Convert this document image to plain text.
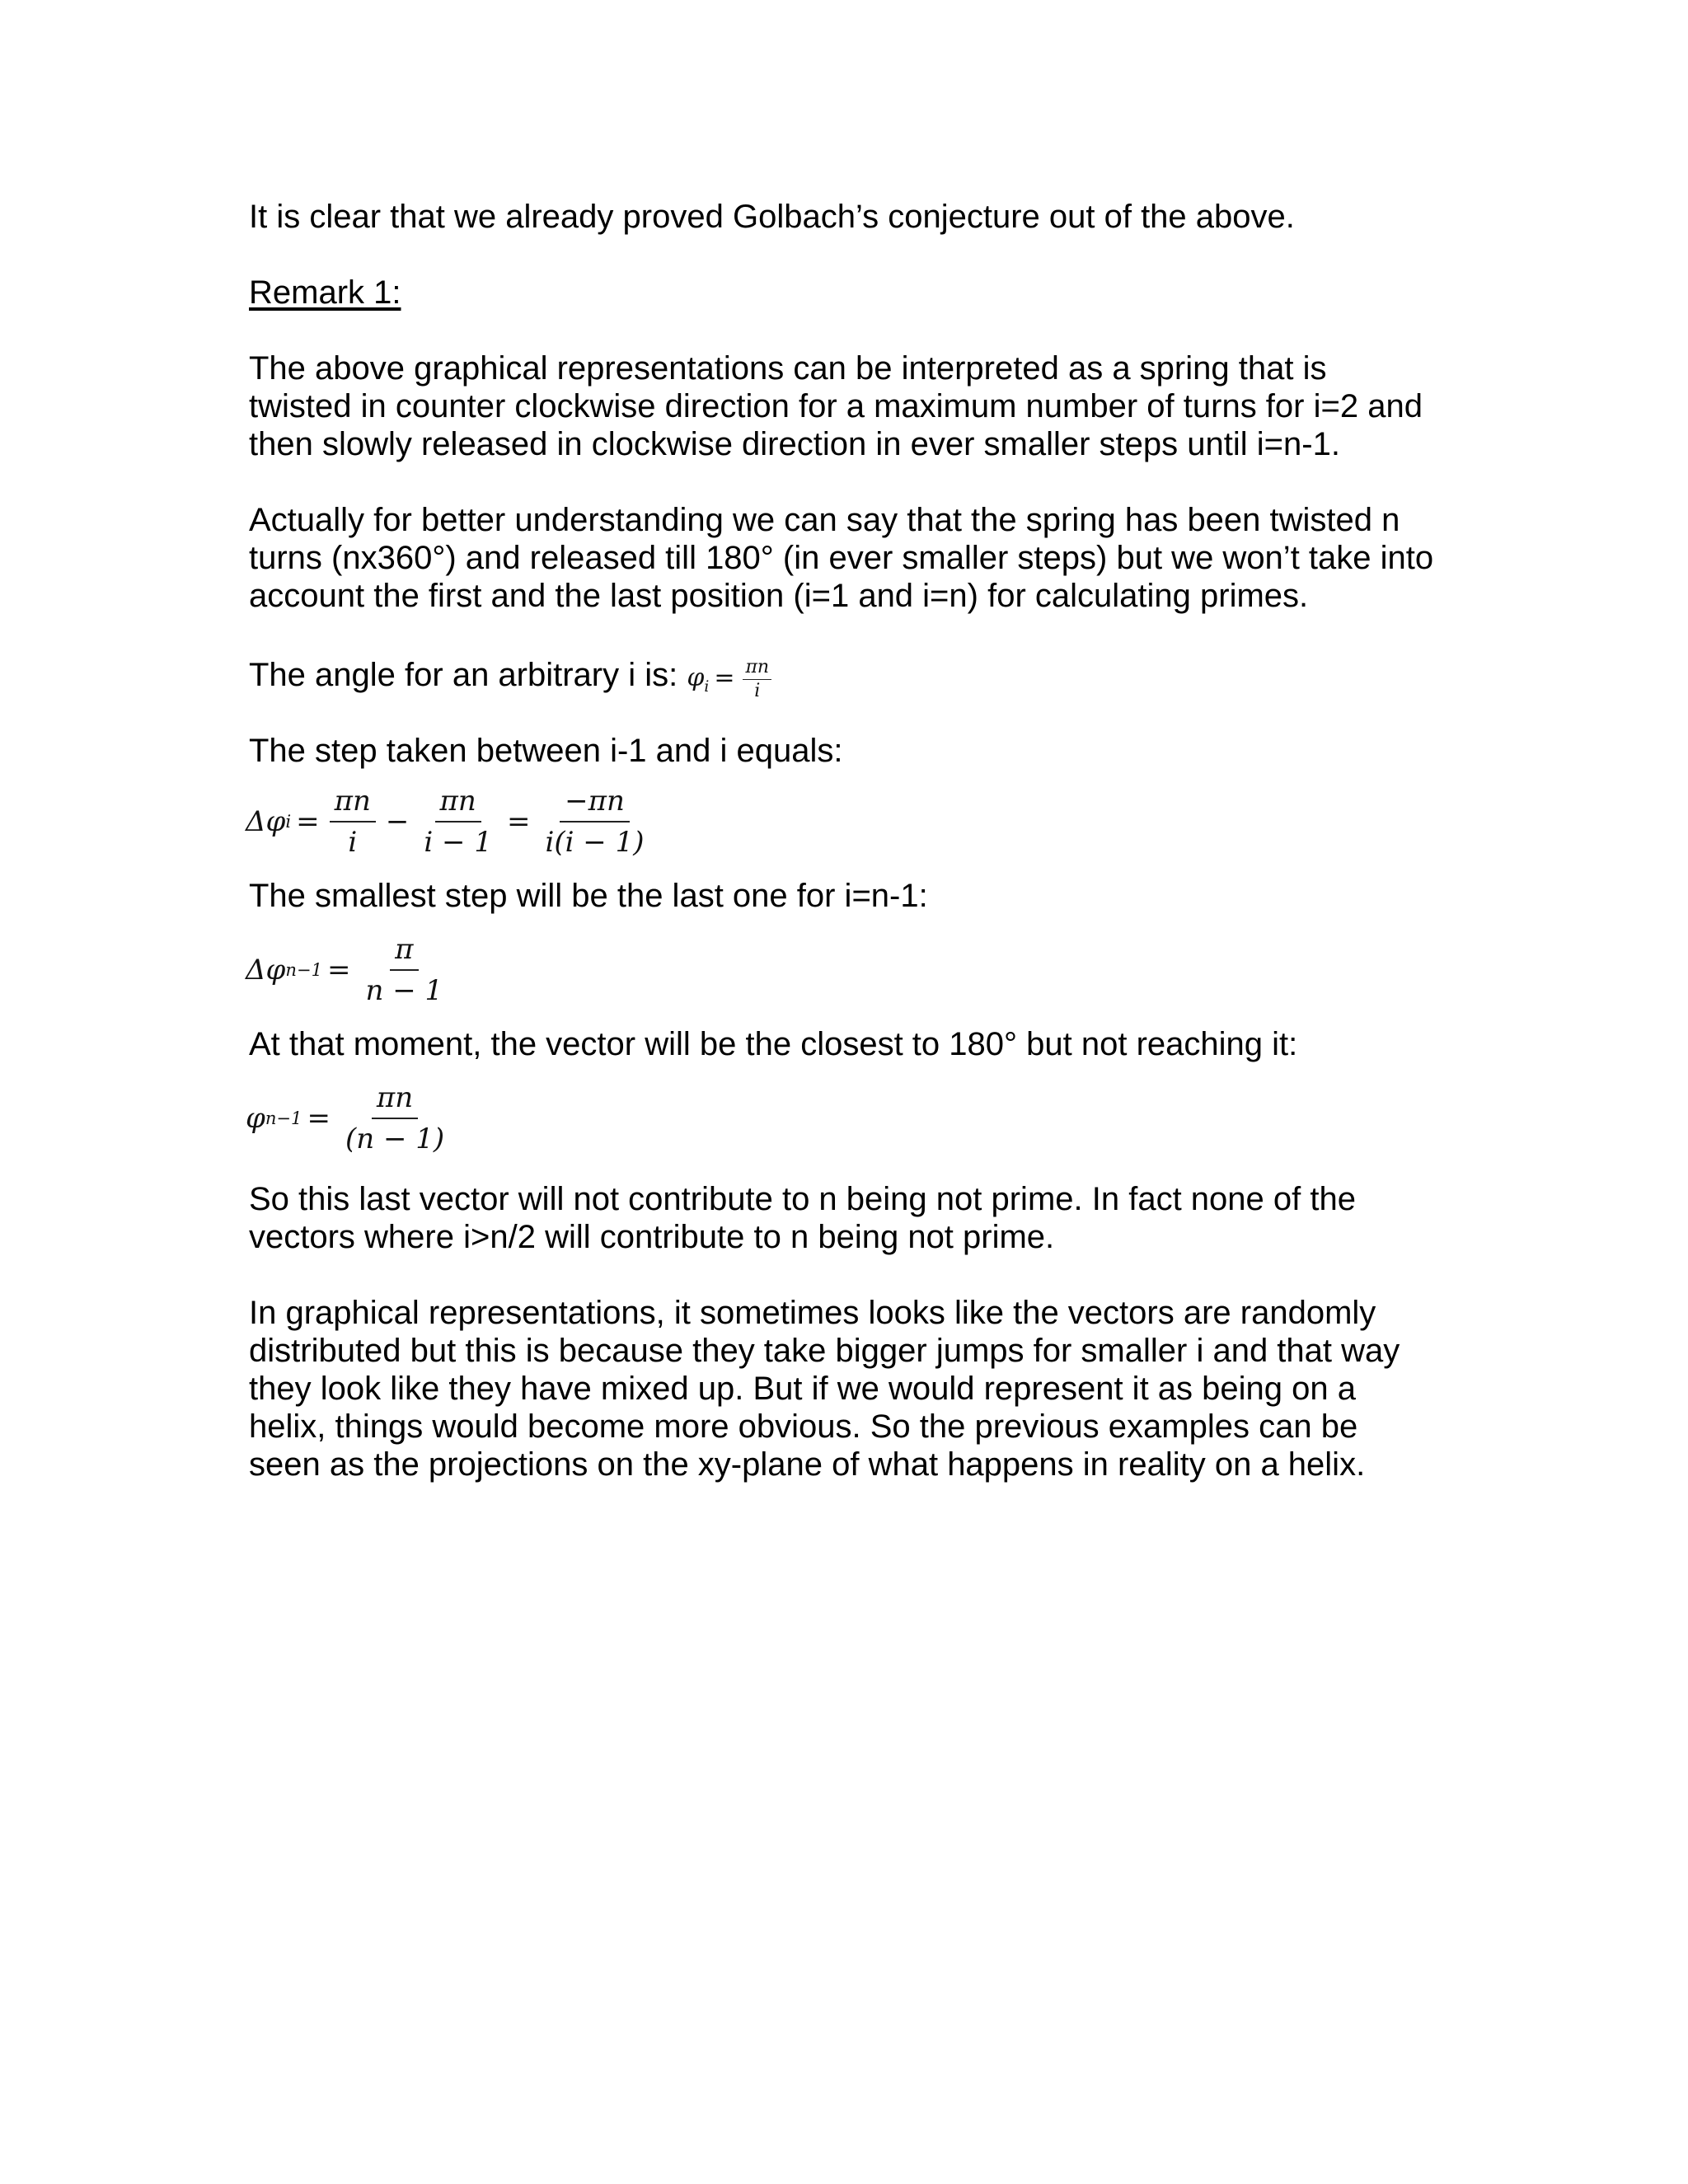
It is clear that we already proved Golbach’s conjecture out of the above.

Remark 1:

The above graphical representations can be interpreted as a spring that is

twisted in counter clockwise direction for a maximum number of turns for i=2 and

then slowly released in clockwise direction in ever smaller steps until i=n-1.

Actually for better understanding we can say that the spring has been twisted n

turns (nx360°) and released till 180° (in ever smaller steps) but we won’t take into

account the first and the last position (i=1 and i=n) for calculating primes.

The angle for an arbitrary i is: $\varphi_i = \frac{\pi n}{i}$

The step taken between i-1 and i equals:

Δφ $i = \frac{\pi n}{i} - \frac{\pi n}{i - 1} = \frac{-\pi n}{i(i - 1)}$

The smallest step will be the last one for i=n-1:

Δφ $n-1 = \frac{\pi}{n - 1}$

At that moment, the vector will be the closest to 180° but not reaching it:

φ $n-1 = \frac{\pi n}{(n - 1)}$

So this last vector will not contribute to n being not prime. In fact none of the

vectors where i>n/2 will contribute to n being not prime.

In graphical representations, it sometimes looks like the vectors are randomly

distributed but this is because they take bigger jumps for smaller i and that way

they look like they have mixed up. But if we would represent it as being on a

helix, things would become more obvious. So the previous examples can be

seen as the projections on the xy-plane of what happens in reality on a helix.
